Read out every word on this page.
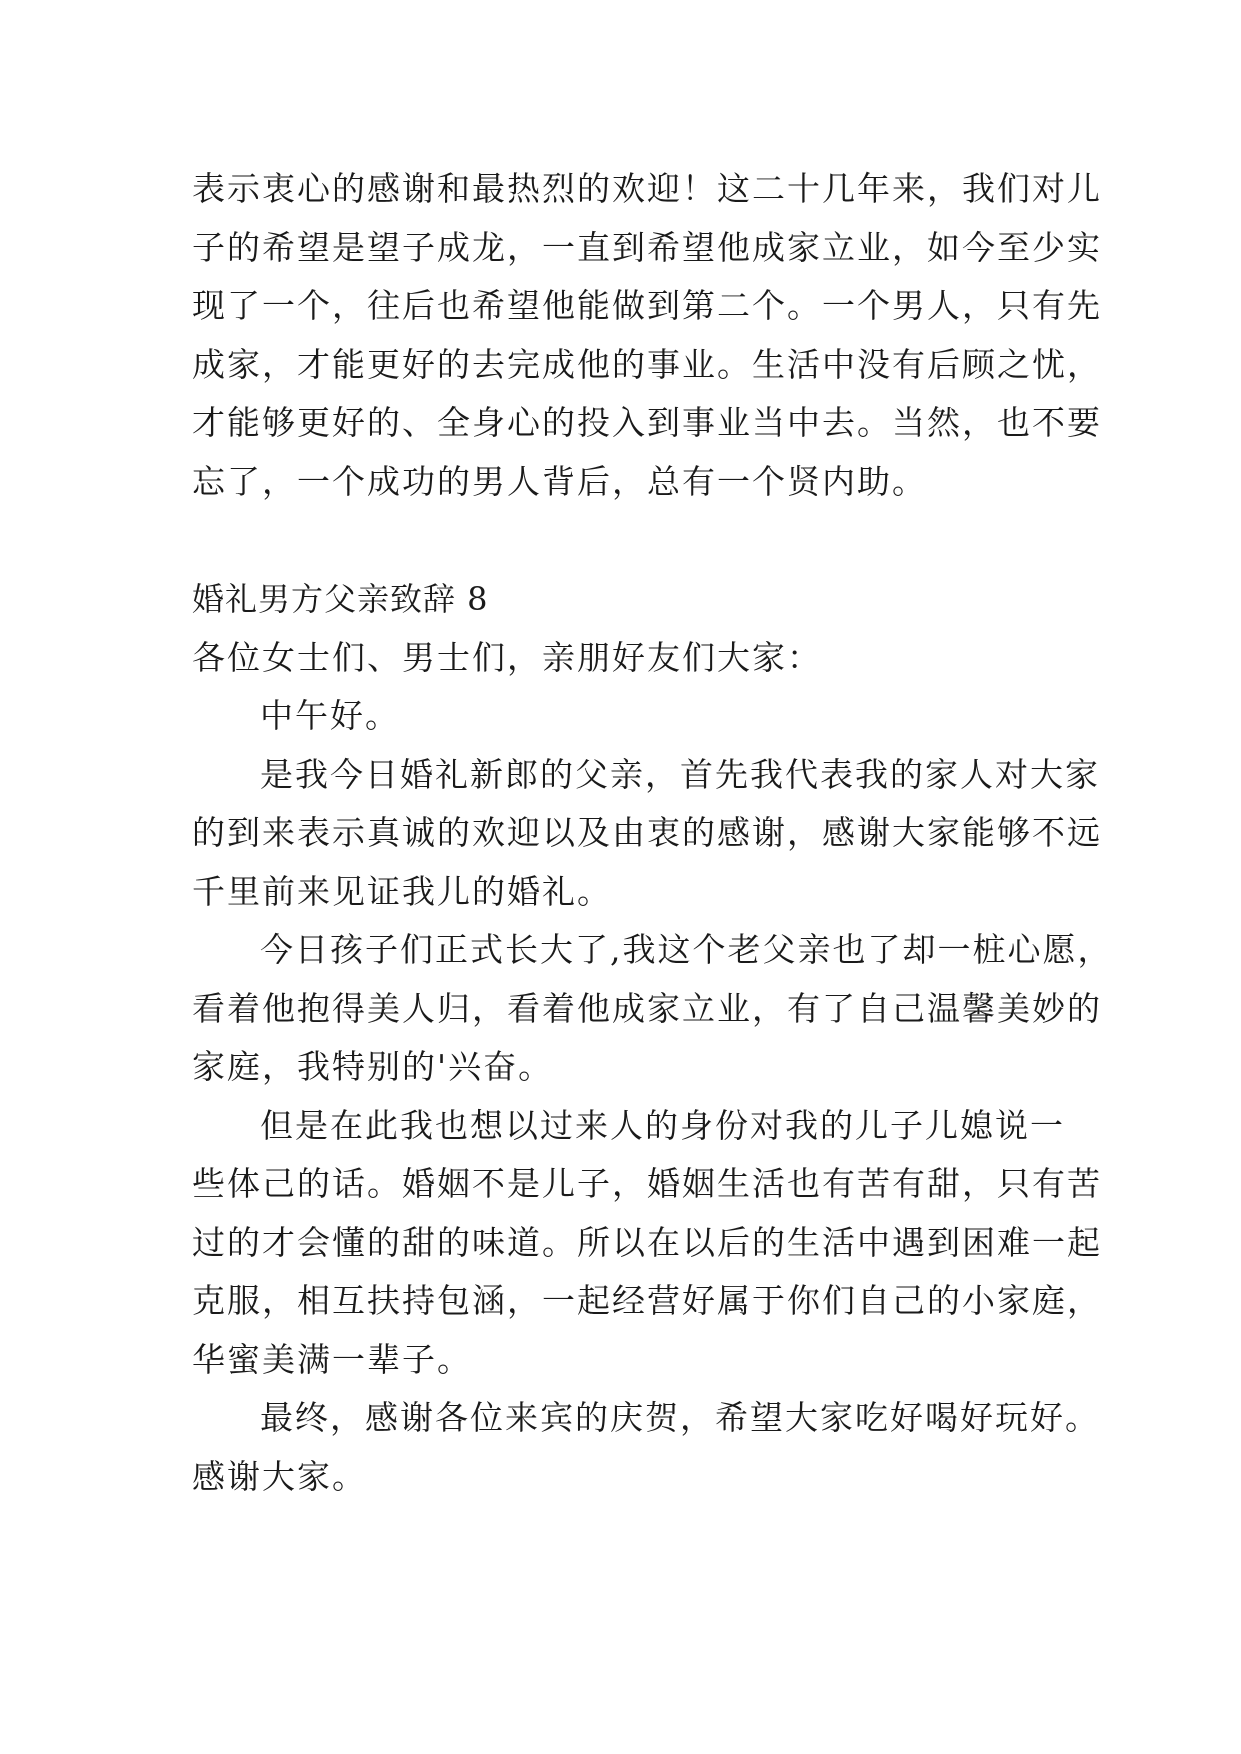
表示衷心的感谢和最热烈的欢迎！这二十几年来，我们对儿
子的希望是望子成龙，一直到希望他成家立业，如今至少实
现了一个，往后也希望他能做到第二个。一个男人，只有先
成家，才能更好的去完成他的事业。生活中没有后顾之忧，
才能够更好的、全身心的投入到事业当中去。当然，也不要
忘了，一个成功的男人背后，总有一个贤内助。
婚礼男方父亲致辞 8
各位女士们、男士们，亲朋好友们大家：
中午好。
是我今日婚礼新郎的父亲，首先我代表我的家人对大家
的到来表示真诚的欢迎以及由衷的感谢，感谢大家能够不远
千里前来见证我儿的婚礼。
今日孩子们正式长大了,我这个老父亲也了却一桩心愿，
看着他抱得美人归，看着他成家立业，有了自己温馨美妙的
家庭，我特别的'兴奋。
但是在此我也想以过来人的身份对我的儿子儿媳说一
些体己的话。婚姻不是儿子，婚姻生活也有苦有甜，只有苦
过的才会懂的甜的味道。所以在以后的生活中遇到困难一起
克服，相互扶持包涵，一起经营好属于你们自己的小家庭，
华蜜美满一辈子。
最终，感谢各位来宾的庆贺，希望大家吃好喝好玩好。
感谢大家。
